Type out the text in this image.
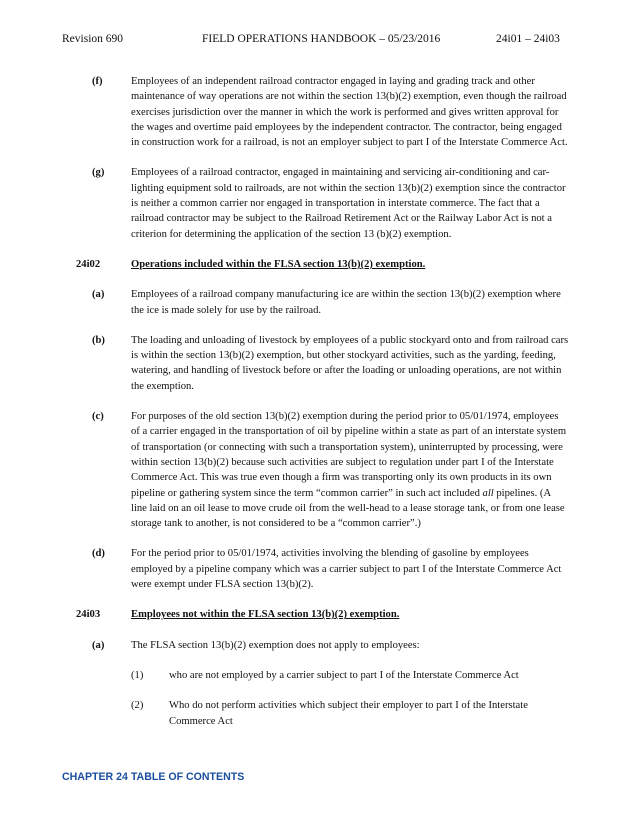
Revision 690	FIELD OPERATIONS HANDBOOK – 05/23/2016	24i01 – 24i03
(f)	Employees of an independent railroad contractor engaged in laying and grading track and other maintenance of way operations are not within the section 13(b)(2) exemption, even though the railroad exercises jurisdiction over the manner in which the work is performed and gives written approval for the wages and overtime paid employees by the independent contractor. The contractor, being engaged in construction work for a railroad, is not an employer subject to part I of the Interstate Commerce Act.
(g)	Employees of a railroad contractor, engaged in maintaining and servicing air-conditioning and car-lighting equipment sold to railroads, are not within the section 13(b)(2) exemption since the contractor is neither a common carrier nor engaged in transportation in interstate commerce. The fact that a railroad contractor may be subject to the Railroad Retirement Act or the Railway Labor Act is not a criterion for determining the application of the section 13 (b)(2) exemption.
24i02	Operations included within the FLSA section 13(b)(2) exemption.
(a)	Employees of a railroad company manufacturing ice are within the section 13(b)(2) exemption where the ice is made solely for use by the railroad.
(b) The loading and unloading of livestock by employees of a public stockyard onto and from railroad cars is within the section 13(b)(2) exemption, but other stockyard activities, such as the yarding, feeding, watering, and handling of livestock before or after the loading or unloading operations, are not within the exemption.
(c)	For purposes of the old section 13(b)(2) exemption during the period prior to 05/01/1974, employees of a carrier engaged in the transportation of oil by pipeline within a state as part of an interstate system of transportation (or connecting with such a transportation system), uninterrupted by processing, were within section 13(b)(2) because such activities are subject to regulation under part I of the Interstate Commerce Act. This was true even though a firm was transporting only its own products in its own pipeline or gathering system since the term “common carrier” in such act included all pipelines. (A line laid on an oil lease to move crude oil from the well-head to a lease storage tank, or from one lease storage tank to another, is not considered to be a “common carrier”.)
(d) For the period prior to 05/01/1974, activities involving the blending of gasoline by employees employed by a pipeline company which was a carrier subject to part I of the Interstate Commerce Act were exempt under FLSA section 13(b)(2).
24i03	Employees not within the FLSA section 13(b)(2) exemption.
(a)	The FLSA section 13(b)(2) exemption does not apply to employees:
(1) who are not employed by a carrier subject to part I of the Interstate Commerce Act
(2) Who do not perform activities which subject their employer to part I of the Interstate Commerce Act
CHAPTER 24 TABLE OF CONTENTS
